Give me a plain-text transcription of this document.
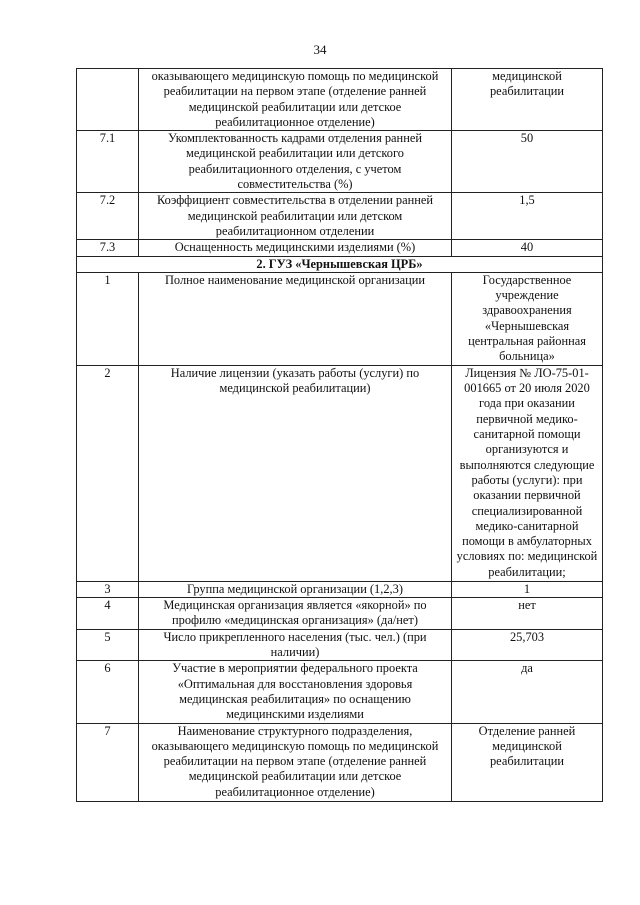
34
	оказывающего медицинскую помощь по медицинской реабилитации на первом этапе (отделение ранней медицинской реабилитации или детское реабилитационное отделение)	медицинской реабилитации
7.1	Укомплектованность кадрами отделения ранней медицинской реабилитации или детского реабилитационного отделения, с учетом совместительства (%)	50
7.2	Коэффициент совместительства в отделении ранней медицинской реабилитации или детском реабилитационном отделении	1,5
7.3	Оснащенность медицинскими изделиями (%)	40
2. ГУЗ «Чернышевская ЦРБ»		
1	Полное наименование медицинской организации	Государственное учреждение здравоохранения «Чернышевская центральная районная больница»
2	Наличие лицензии (указать работы (услуги) по медицинской реабилитации)	Лицензия № ЛО-75-01-001665 от 20 июля 2020 года при оказании первичной медико-санитарной помощи организуются и выполняются следующие работы (услуги): при оказании первичной специализированной медико-санитарной помощи в амбулаторных условиях по: медицинской реабилитации;
3	Группа медицинской организации (1,2,3)	1
4	Медицинская организация является «якорной» по профилю «медицинская организация» (да/нет)	нет
5	Число прикрепленного населения (тыс. чел.) (при наличии)	25,703
6	Участие в мероприятии федерального проекта «Оптимальная для восстановления здоровья медицинская реабилитация» по оснащению медицинскими изделиями	да
7	Наименование структурного подразделения, оказывающего медицинскую помощь по медицинской реабилитации на первом этапе (отделение ранней медицинской реабилитации или детское реабилитационное отделение)	Отделение ранней медицинской реабилитации
